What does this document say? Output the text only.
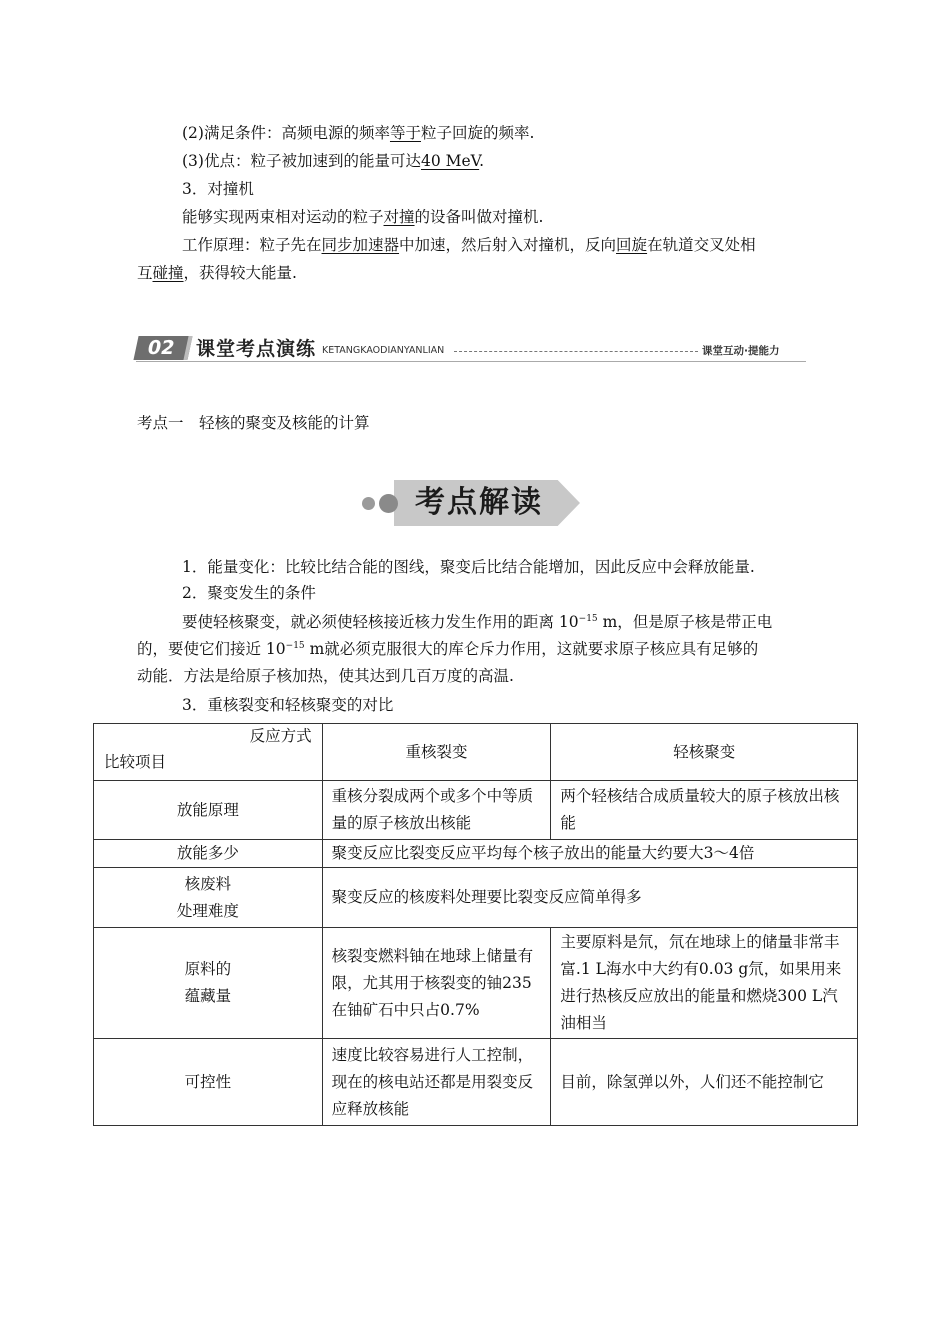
(2)满足条件：高频电源的频率等于粒子回旋的频率.
(3)优点：粒子被加速到的能量可达40 MeV.
3．对撞机
能够实现两束相对运动的粒子对撞的设备叫做对撞机.
工作原理：粒子先在同步加速器中加速，然后射入对撞机，反向回旋在轨道交叉处相
互碰撞，获得较大能量.
02	课堂考点演练 KETANGKAODIANYANLIAN	课堂互动·提能力
考点一　轻核的聚变及核能的计算
考点解读
1．能量变化：比较比结合能的图线，聚变后比结合能增加，因此反应中会释放能量.
2．聚变发生的条件
要使轻核聚变，就必须使轻核接近核力发生作用的距离 $10^{-15}$ m，但是原子核是带正电
的，要使它们接近 $10^{-15}$ m就必须克服很大的库仑斥力作用，这就要求原子核应具有足够的
动能．方法是给原子核加热，使其达到几百万度的高温.
3．重核裂变和轻核聚变的对比
反应方式
比较项目	重核裂变	轻核聚变
放能原理	重核分裂成两个或多个中等质量的原子核放出核能	两个轻核结合成质量较大的原子核放出核能
放能多少	聚变反应比裂变反应平均每个核子放出的能量大约要大3～4倍	
核废料
处理难度	聚变反应的核废料处理要比裂变反应简单得多	
原料的
蕴藏量	核裂变燃料铀在地球上储量有限，尤其用于核裂变的铀235在铀矿石中只占0.7%	主要原料是氘，氘在地球上的储量非常丰富.1 L海水中大约有0.03 g氘，如果用来进行热核反应放出的能量和燃烧300 L汽油相当
可控性	速度比较容易进行人工控制，现在的核电站还都是用裂变反应释放核能	目前，除氢弹以外，人们还不能控制它
